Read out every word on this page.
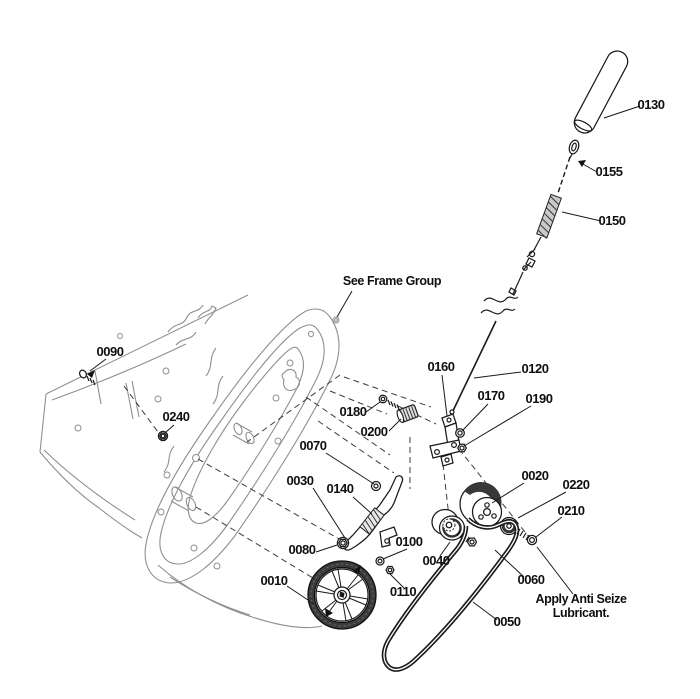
0130
0155
0150
See Frame Group
0090
0240
0160	0120
0180
0200
0170 0190
0070
0030
0140
0080
0010
0100
0110
0040
0020
0220
0210
0060
0050
Apply Anti Seize
Lubricant.
